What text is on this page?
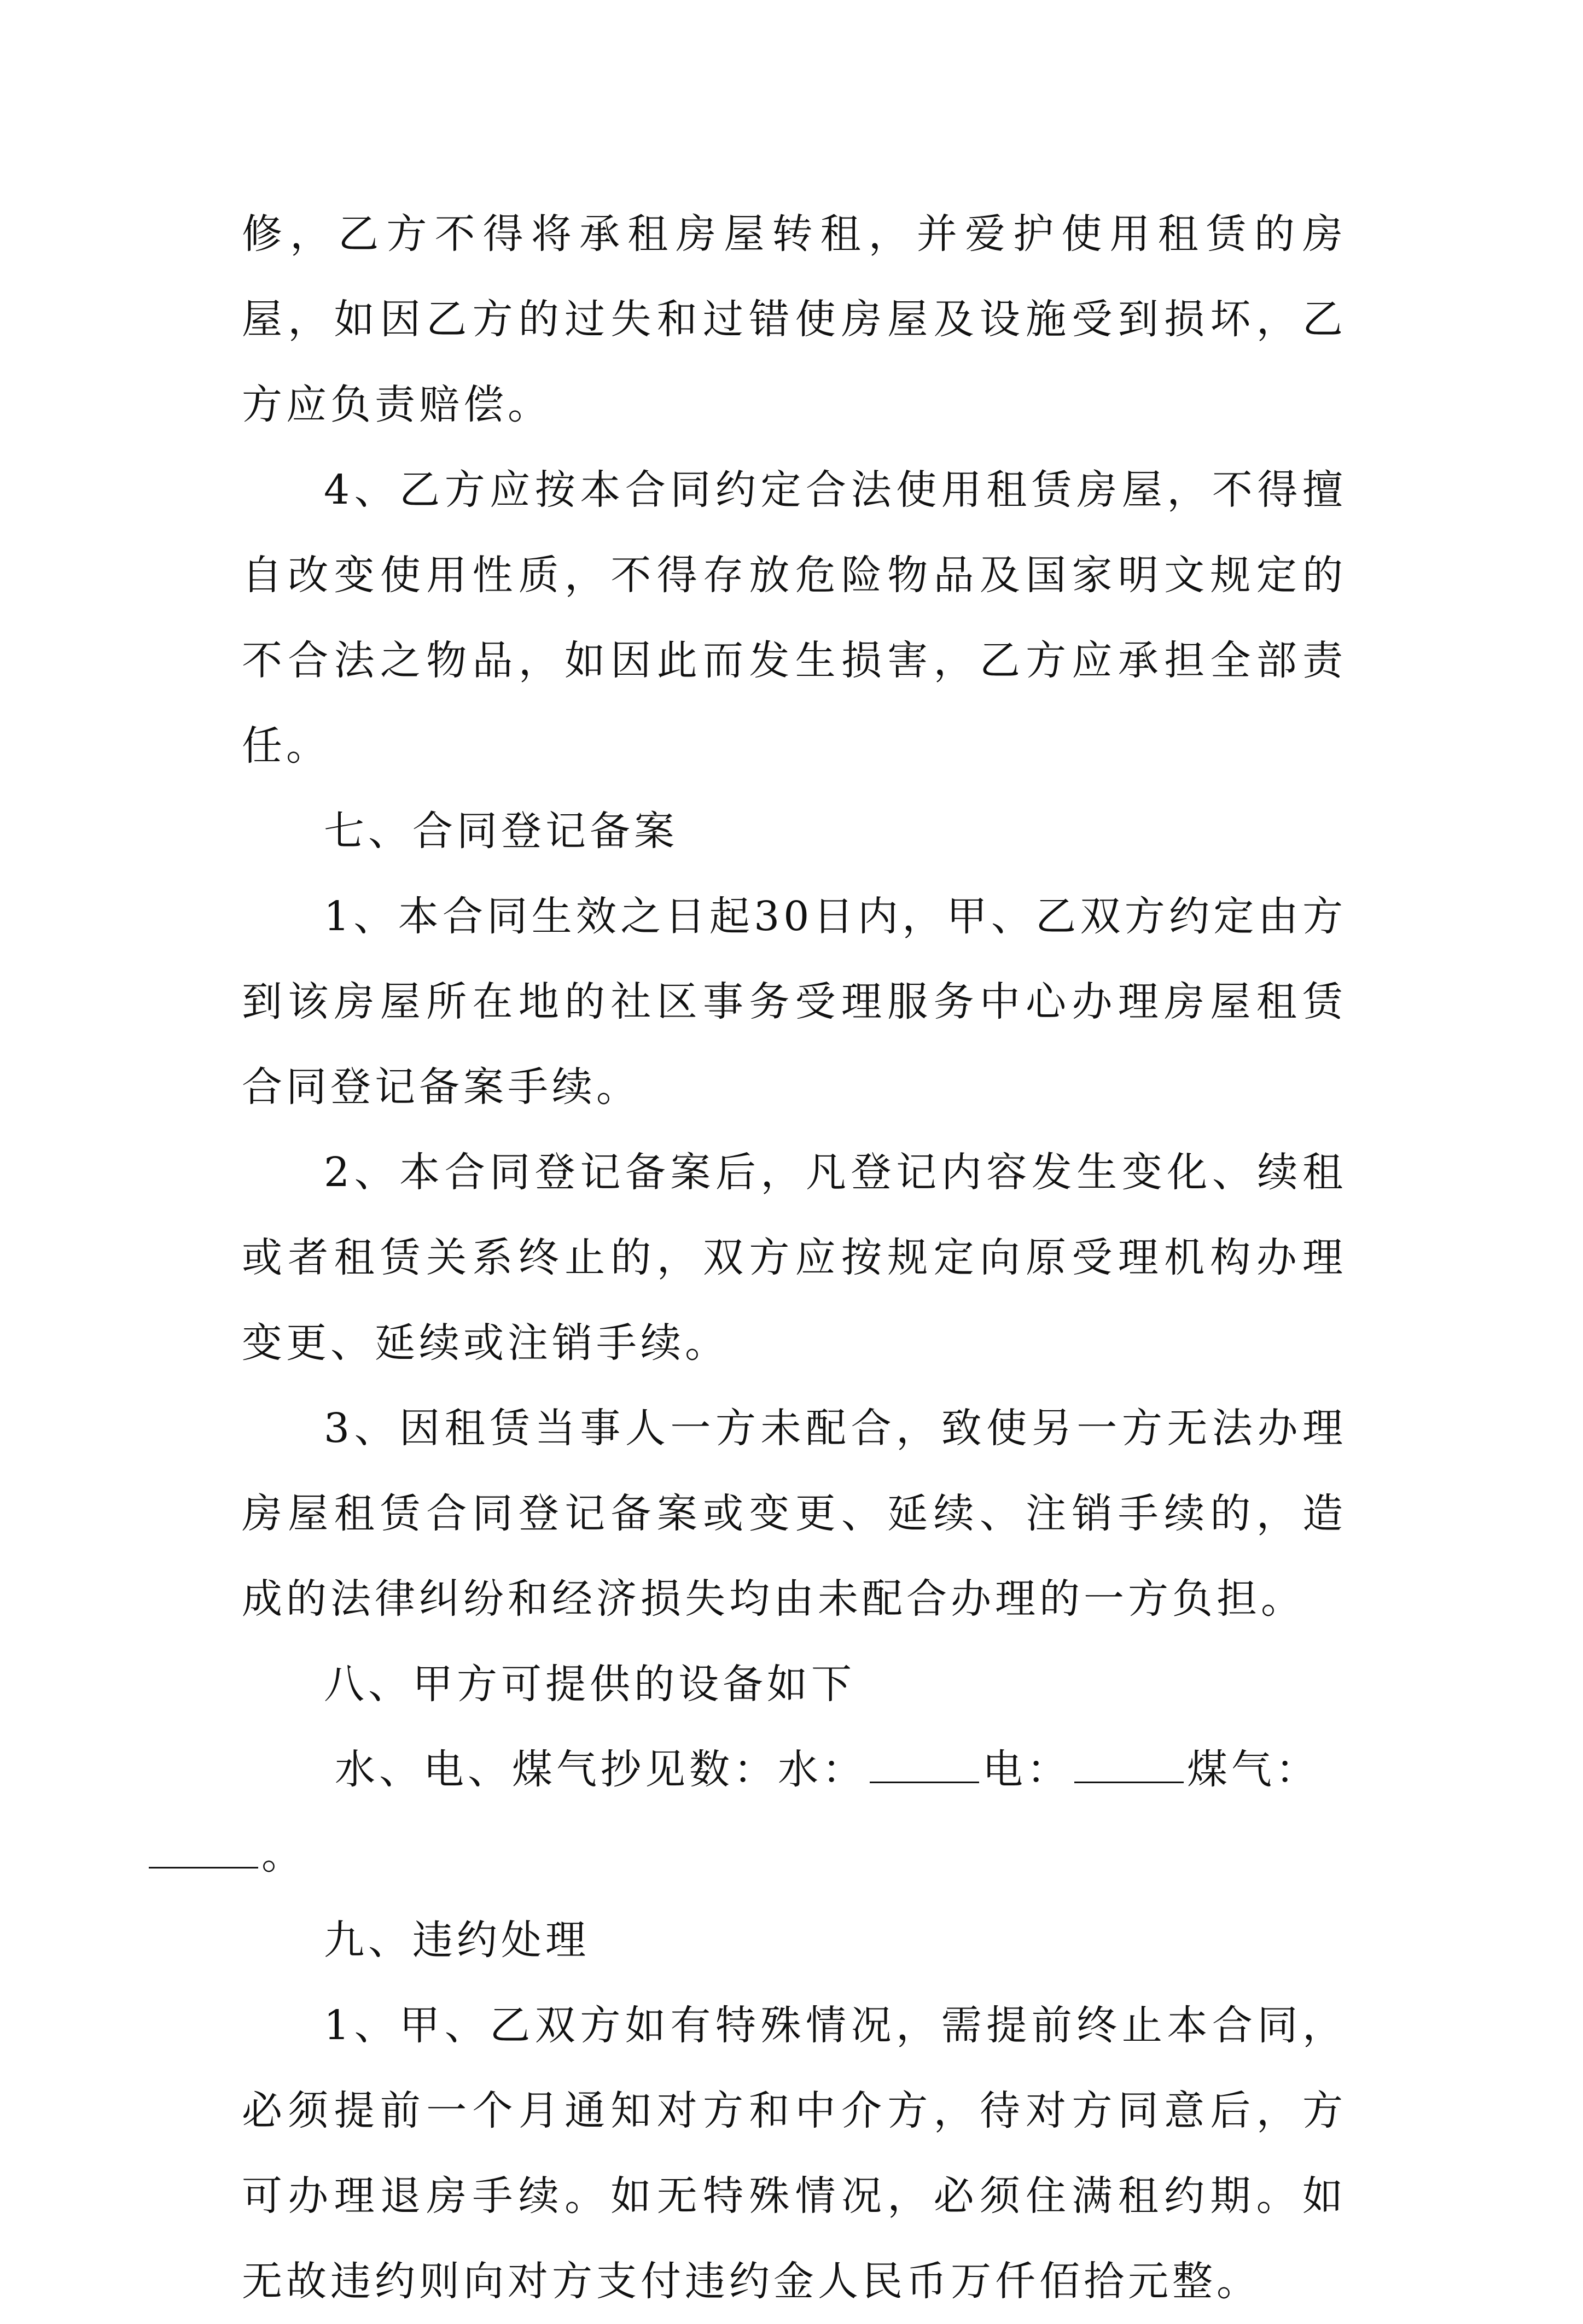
修，乙方不得将承租房屋转租，并爱护使用租赁的房屋，如因乙方的过失和过错使房屋及设施受到损坏，乙方应负责赔偿。

4、乙方应按本合同约定合法使用租赁房屋，不得擅自改变使用性质，不得存放危险物品及国家明文规定的不合法之物品，如因此而发生损害，乙方应承担全部责任。

七、合同登记备案

1、本合同生效之日起30日内，甲、乙双方约定由方到该房屋所在地的社区事务受理服务中心办理房屋租赁合同登记备案手续。

2、本合同登记备案后，凡登记内容发生变化、续租或者租赁关系终止的，双方应按规定向原受理机构办理变更、延续或注销手续。

3、因租赁当事人一方未配合，致使另一方无法办理房屋租赁合同登记备案或变更、延续、注销手续的，造成的法律纠纷和经济损失均由未配合办理的一方负担。

八、甲方可提供的设备如下

水、电、煤气抄见数：水：	电：	煤气：
。

九、违约处理

1、甲、乙双方如有特殊情况，需提前终止本合同，必须提前一个月通知对方和中介方，待对方同意后，方可办理退房手续。如无特殊情况，必须住满租约期。如无故违约则向对方支付违约金人民币万仟佰拾元整。
